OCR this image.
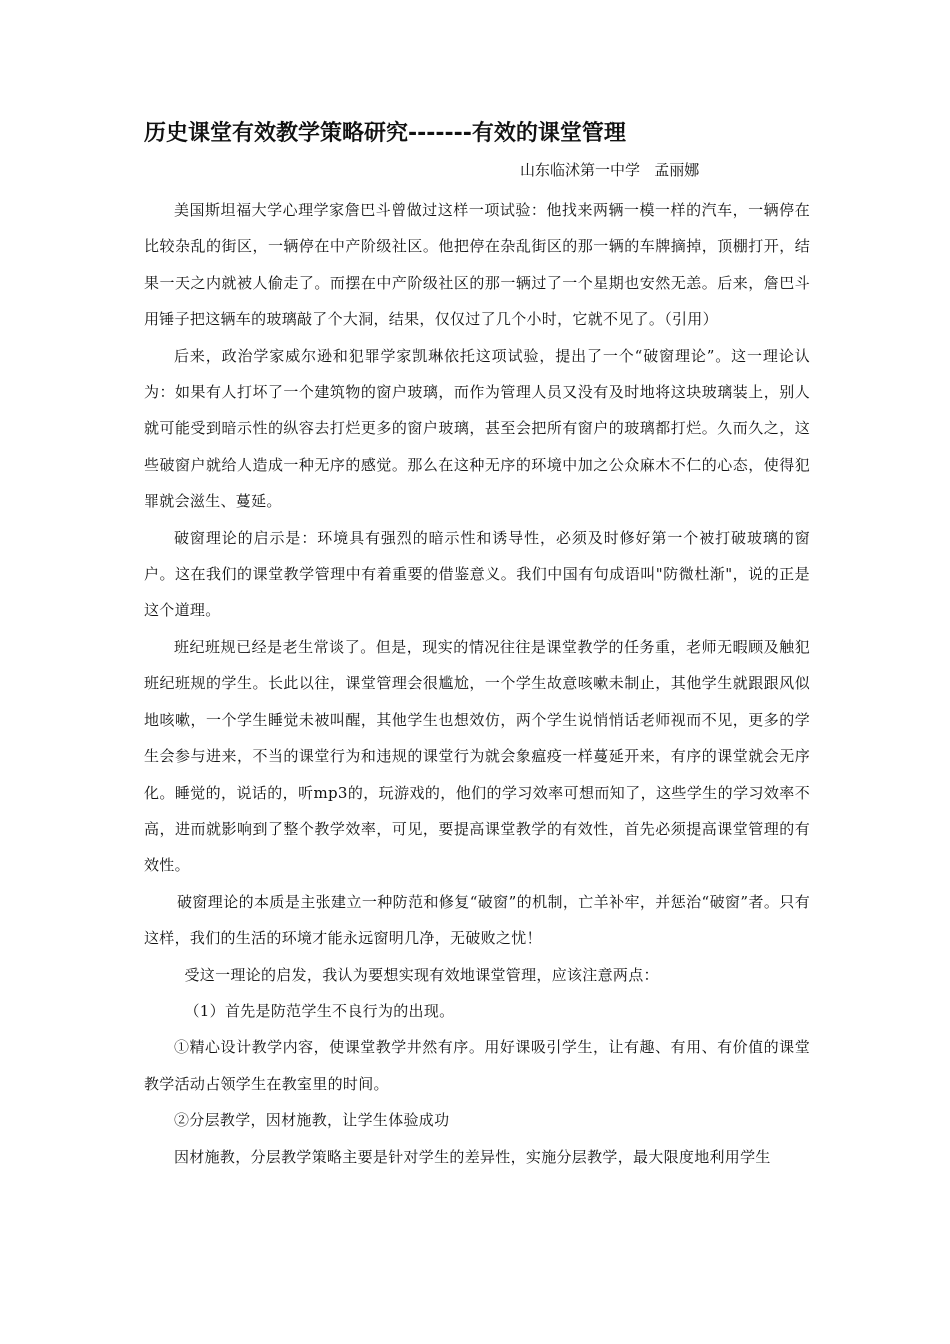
历史课堂有效教学策略研究-------有效的课堂管理
山东临沭第一中学   孟丽娜

美国斯坦福大学心理学家詹巴斗曾做过这样一项试验：他找来两辆一模一样的汽车，一辆停在比较杂乱的街区，一辆停在中产阶级社区。他把停在杂乱街区的那一辆的车牌摘掉，顶棚打开，结果一天之内就被人偷走了。而摆在中产阶级社区的那一辆过了一个星期也安然无恙。后来，詹巴斗用锤子把这辆车的玻璃敲了个大洞，结果，仅仅过了几个小时，它就不见了。（引用）

后来，政治学家威尔逊和犯罪学家凯琳依托这项试验，提出了一个“破窗理论”。这一理论认为：如果有人打坏了一个建筑物的窗户玻璃，而作为管理人员又没有及时地将这块玻璃装上，别人就可能受到暗示性的纵容去打烂更多的窗户玻璃，甚至会把所有窗户的玻璃都打烂。久而久之，这些破窗户就给人造成一种无序的感觉。那么在这种无序的环境中加之公众麻木不仁的心态，使得犯罪就会滋生、蔓延。

破窗理论的启示是：环境具有强烈的暗示性和诱导性，必须及时修好第一个被打破玻璃的窗户。这在我们的课堂教学管理中有着重要的借鉴意义。我们中国有句成语叫"防微杜渐"，说的正是这个道理。

班纪班规已经是老生常谈了。但是，现实的情况往往是课堂教学的任务重，老师无暇顾及触犯班纪班规的学生。长此以往，课堂管理会很尴尬，一个学生故意咳嗽未制止，其他学生就跟跟风似地咳嗽，一个学生睡觉未被叫醒，其他学生也想效仿，两个学生说悄悄话老师视而不见，更多的学生会参与进来，不当的课堂行为和违规的课堂行为就会象瘟疫一样蔓延开来，有序的课堂就会无序化。睡觉的，说话的，听mp3的，玩游戏的，他们的学习效率可想而知了，这些学生的学习效率不高，进而就影响到了整个教学效率，可见，要提高课堂教学的有效性，首先必须提高课堂管理的有效性。

破窗理论的本质是主张建立一种防范和修复“破窗”的机制，亡羊补牢，并惩治“破窗”者。只有这样，我们的生活的环境才能永远窗明几净，无破败之忧！

受这一理论的启发，我认为要想实现有效地课堂管理，应该注意两点：

（1）首先是防范学生不良行为的出现。

①精心设计教学内容，使课堂教学井然有序。用好课吸引学生，让有趣、有用、有价值的课堂教学活动占领学生在教室里的时间。

②分层教学，因材施教，让学生体验成功

因材施教，分层教学策略主要是针对学生的差异性，实施分层教学，最大限度地利用学生
